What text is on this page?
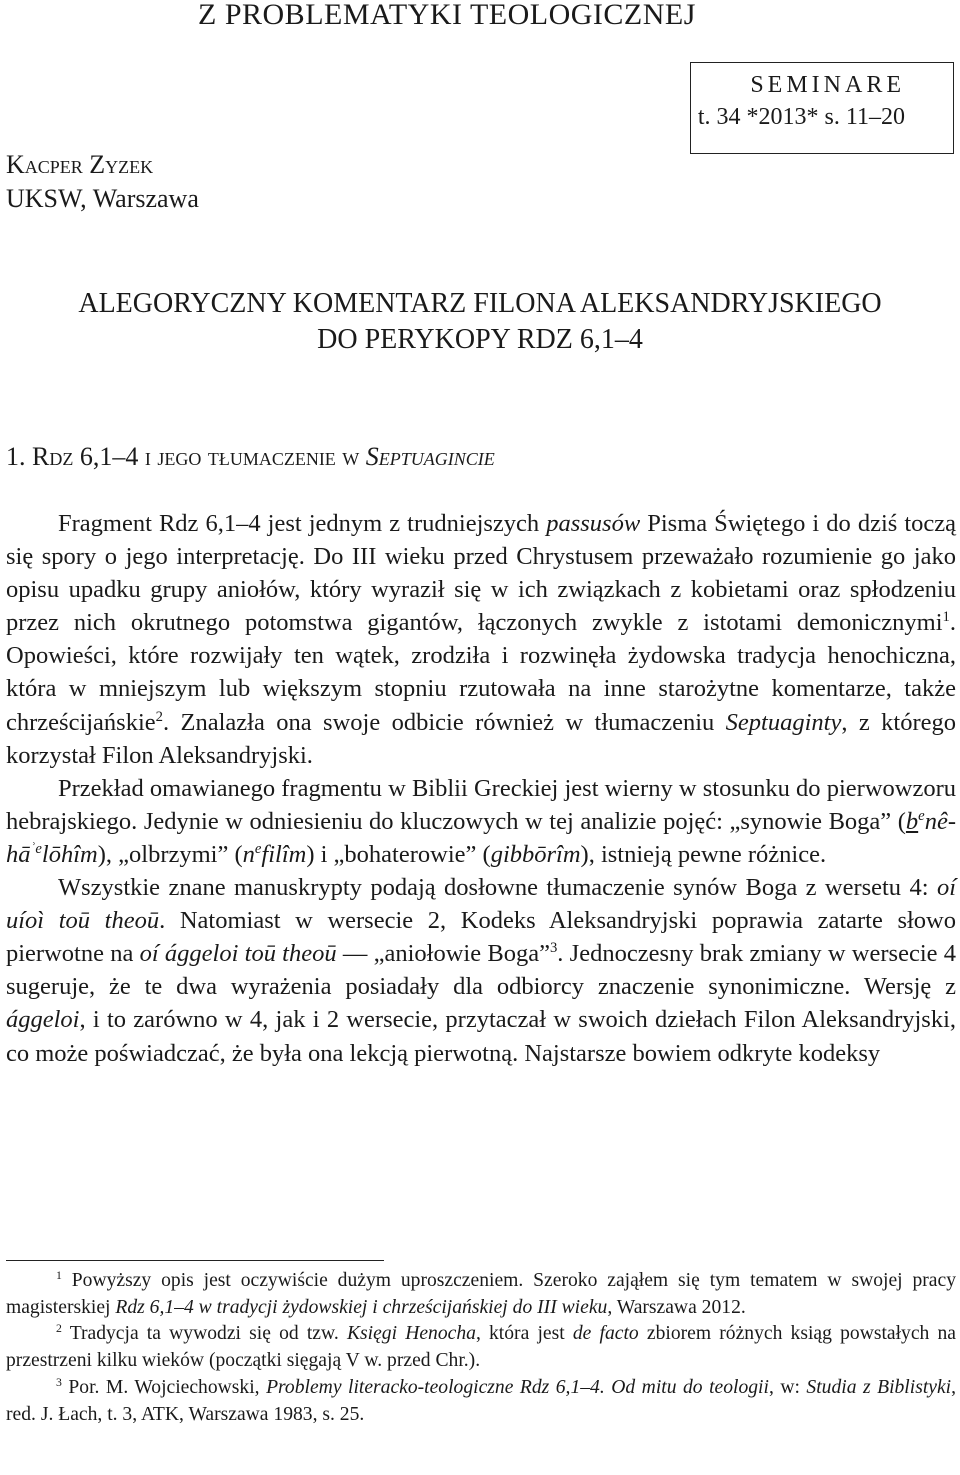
Z PROBLEMATYKI TEOLOGICZNEJ
SEMINARE
t. 34 *2013* s. 11–20
Kacper Zyzek
UKSW, Warszawa
ALEGORYCZNY KOMENTARZ FILONA ALEKSANDRYJSKIEGO
DO PERYKOPY RDZ 6,1–4
1. Rdz 6,1–4 i jego tłumaczenie w Septuagincie

Fragment Rdz 6,1–4 jest jednym z trudniejszych passusów Pisma Świętego i do dziś toczą się spory o jego interpretację. Do III wieku przed Chrystusem przeważało rozumienie go jako opisu upadku grupy aniołów, który wyraził się w ich związkach z kobietami oraz spłodzeniu przez nich okrutnego potomstwa gigantów, łączonych zwykle z istotami demonicznymi$^1$. Opowieści, które rozwijały ten wątek, zrodziła i rozwinęła żydowska tradycja henochiczna, która w mniejszym lub większym stopniu rzutowała na inne starożytne komentarze, także chrześcijańskie$^2$. Znalazła ona swoje odbicie również w tłumaczeniu Septuaginty, z którego korzystał Filon Aleksandryjski.

Przekład omawianego fragmentu w Biblii Greckiej jest wierny w stosunku do pierwowzoru hebrajskiego. Jedynie w odniesieniu do kluczowych w tej analizie pojęć: „synowie Boga” $(b^enê-hā^{ʾe}lōhîm)$, „olbrzymi” $(n^efilîm)$ i „bohaterowie” (gibbōrîm), istnieją pewne różnice.

Wszystkie znane manuskrypty podają dosłowne tłumaczenie synów Boga z wersetu 4: oí uíoì toū theoū. Natomiast w wersecie 2, Kodeks Aleksandryjski poprawia zatarte słowo pierwotne na oí ággeloi toū theoū — „aniołowie Boga”$^3$. Jednoczesny brak zmiany w wersecie 4 sugeruje, że te dwa wyrażenia posiadały dla odbiorcy znaczenie synonimiczne. Wersję z ággeloi, i to zarówno w 4, jak i 2 wersecie, przytaczał w swoich dziełach Filon Aleksandryjski, co może poświadczać, że była ona lekcją pierwotną. Najstarsze bowiem odkryte kodeksy

$^1$ Powyższy opis jest oczywiście dużym uproszczeniem. Szeroko zająłem się tym tematem w swojej pracy magisterskiej Rdz 6,1–4 w tradycji żydowskiej i chrześcijańskiej do III wieku, Warszawa 2012.

$^2$ Tradycja ta wywodzi się od tzw. Księgi Henocha, która jest de facto zbiorem różnych ksiąg powstałych na przestrzeni kilku wieków (początki sięgają V w. przed Chr.).

$^3$ Por. M. Wojciechowski, Problemy literacko-teologiczne Rdz 6,1–4. Od mitu do teologii, w: Studia z Biblistyki, red. J. Łach, t. 3, ATK, Warszawa 1983, s. 25.
